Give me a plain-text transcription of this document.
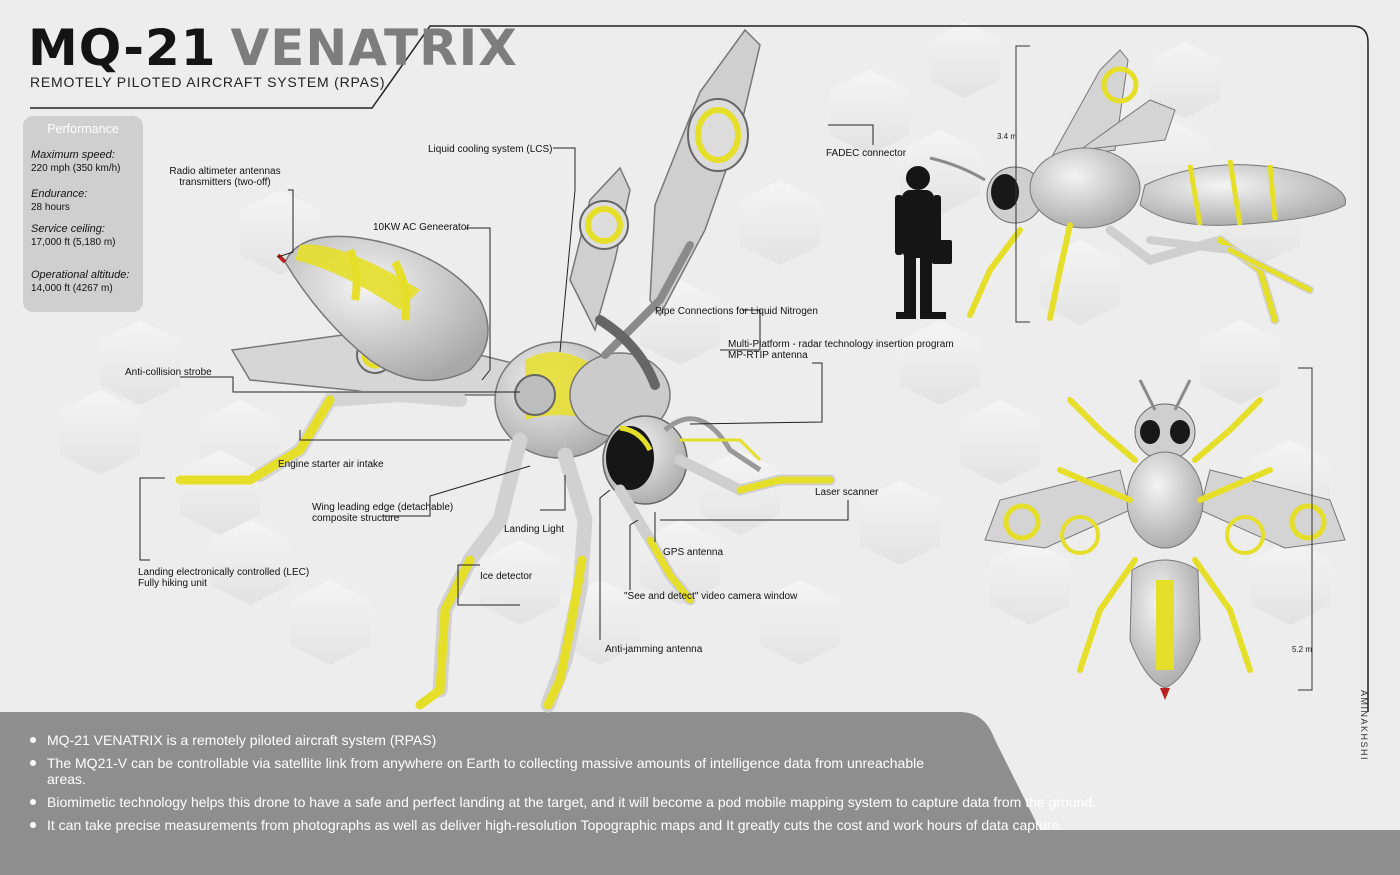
MQ-21 VENATRIX

REMOTELY PILOTED AIRCRAFT SYSTEM (RPAS)

Performance
Maximum speed:
220 mph (350 km/h)
Endurance:
28 hours
Service ceiling:
17,000 ft (5,180 m)
Operational altitude:
14,000 ft (4267 m)
Radio altimeter antennas
transmitters (two-off)
Liquid cooling system (LCS)	FADEC connector
10KW AC Geneerator
Pipe Connections for Liquid Nitrogen
Multi-Platform - radar technology insertion program
MP-RTIP antenna
Anti-collision strobe
Engine starter air intake
Laser scanner
Wing leading edge (detachable)
composite structure
Landing Light
GPS antenna
Landing electronically controlled (LEC)
Fully hiking unit
Ice detector
"See and detect" video camera window
Anti-jamming antenna
3.4 m
5.2 m
AMINAKHSHI
MQ-21 VENATRIX is a remotely piloted aircraft system (RPAS)
The MQ21-V can be controllable via satellite link from anywhere on Earth to collecting massive amounts of intelligence data from unreachable areas.
Biomimetic technology helps this drone to have a safe and perfect landing at the target, and it will become a pod mobile mapping system to capture data from the ground.
It can take precise measurements from photographs as well as deliver high-resolution Topographic maps and It greatly cuts the cost and work hours of data capture.
